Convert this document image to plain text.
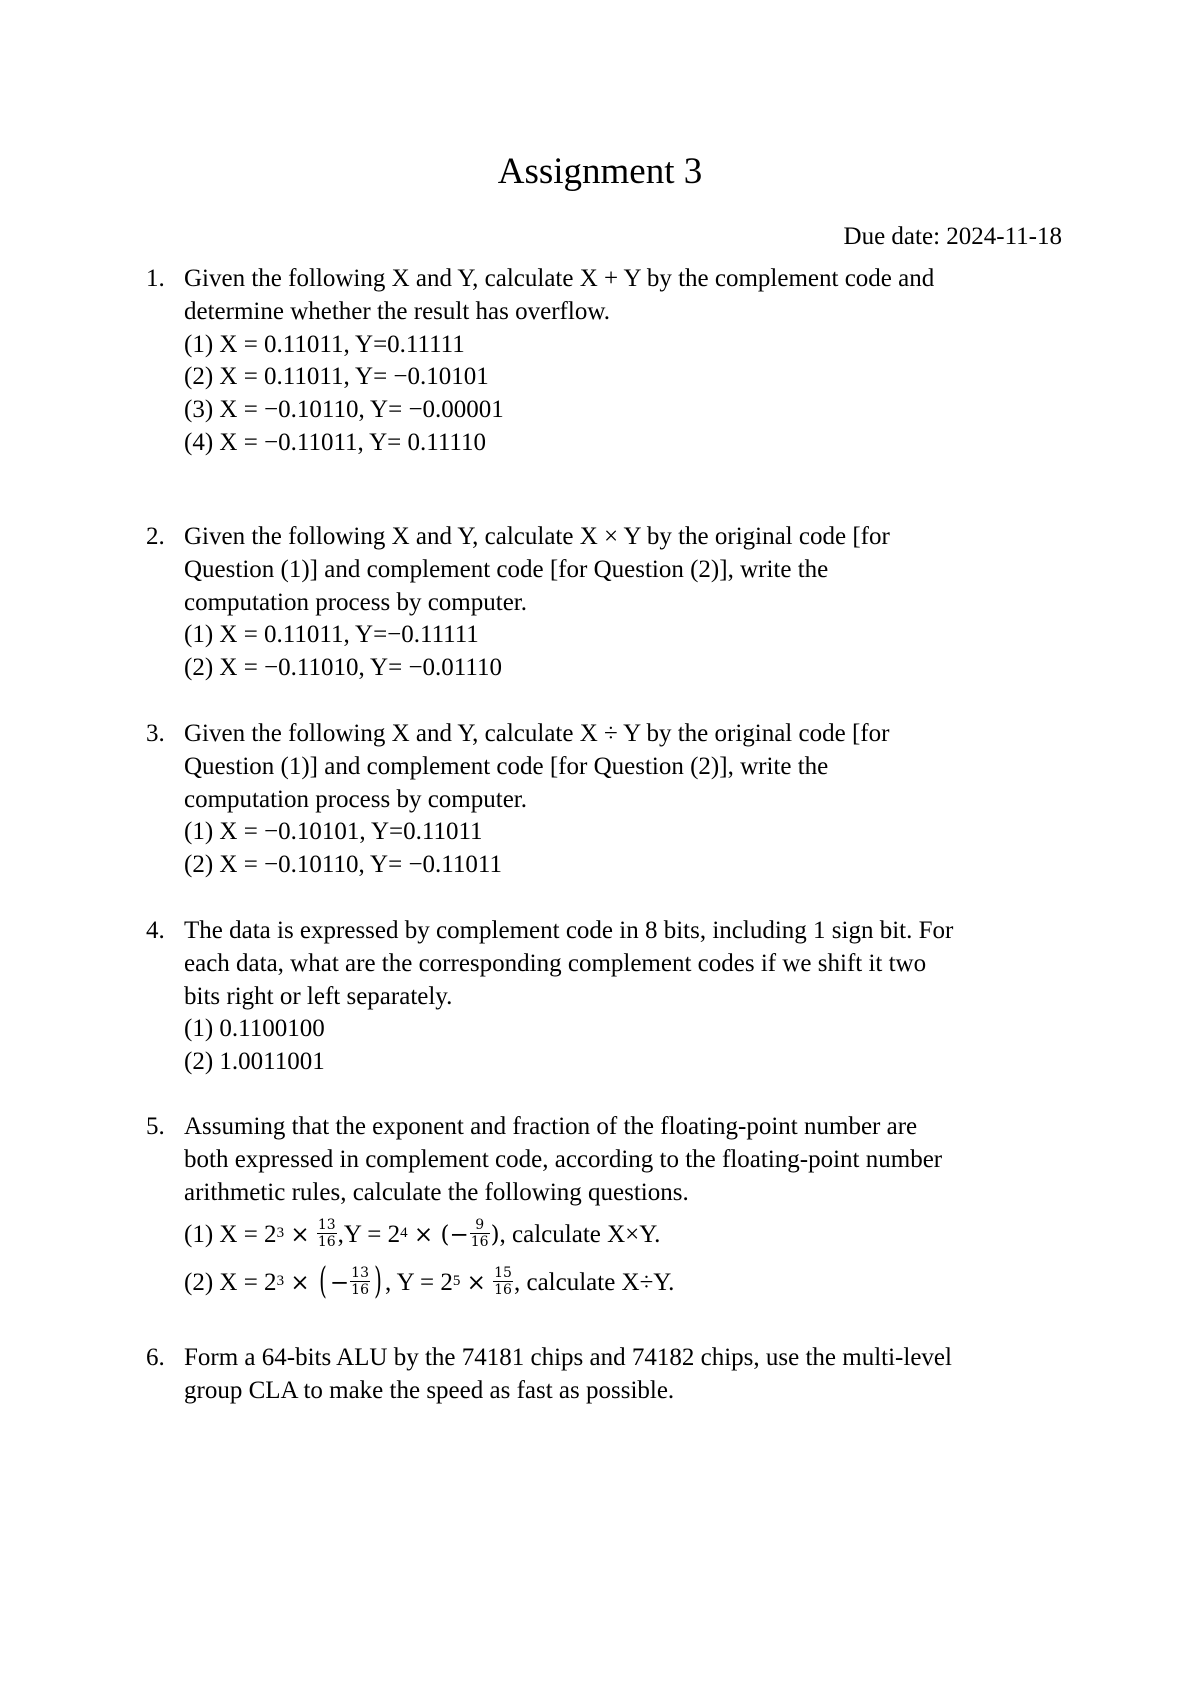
Assignment 3
Due date: 2024-11-18
1. Given the following X and Y, calculate X + Y by the complement code and
determine whether the result has overflow.
(1) X = 0.11011, Y=0.11111
(2) X = 0.11011, Y= −0.10101
(3) X = −0.10110, Y= −0.00001
(4) X = −0.11011, Y= 0.11110
2. Given the following X and Y, calculate X × Y by the original code [for
Question (1)] and complement code [for Question (2)], write the
computation process by computer.
(1) X = 0.11011, Y=−0.11111
(2) X = −0.11010, Y= −0.01110
3. Given the following X and Y, calculate X ÷ Y by the original code [for
Question (1)] and complement code [for Question (2)], write the
computation process by computer.
(1) X = −0.10101, Y=0.11011
(2) X = −0.10110, Y= −0.11011
4. The data is expressed by complement code in 8 bits, including 1 sign bit. For
each data, what are the corresponding complement codes if we shift it two
bits right or left separately.
(1) 0.1100100
(2) 1.0011001
5. Assuming that the exponent and fraction of the floating-point number are
both expressed in complement code, according to the floating-point number
arithmetic rules, calculate the following questions.
(1) $X = 2^3 \times \frac{13}{16} ,Y = 2^4$ × (− $\frac{9}{16}$ ), calculate X×Y.
(2) $X = 2^3$ × ( − $\frac{13}{16}$ ) , $Y = 2^5 \times \frac{15}{16}$ , calculate X÷Y.
6. Form a 64-bits ALU by the 74181 chips and 74182 chips, use the multi-level
group CLA to make the speed as fast as possible.
